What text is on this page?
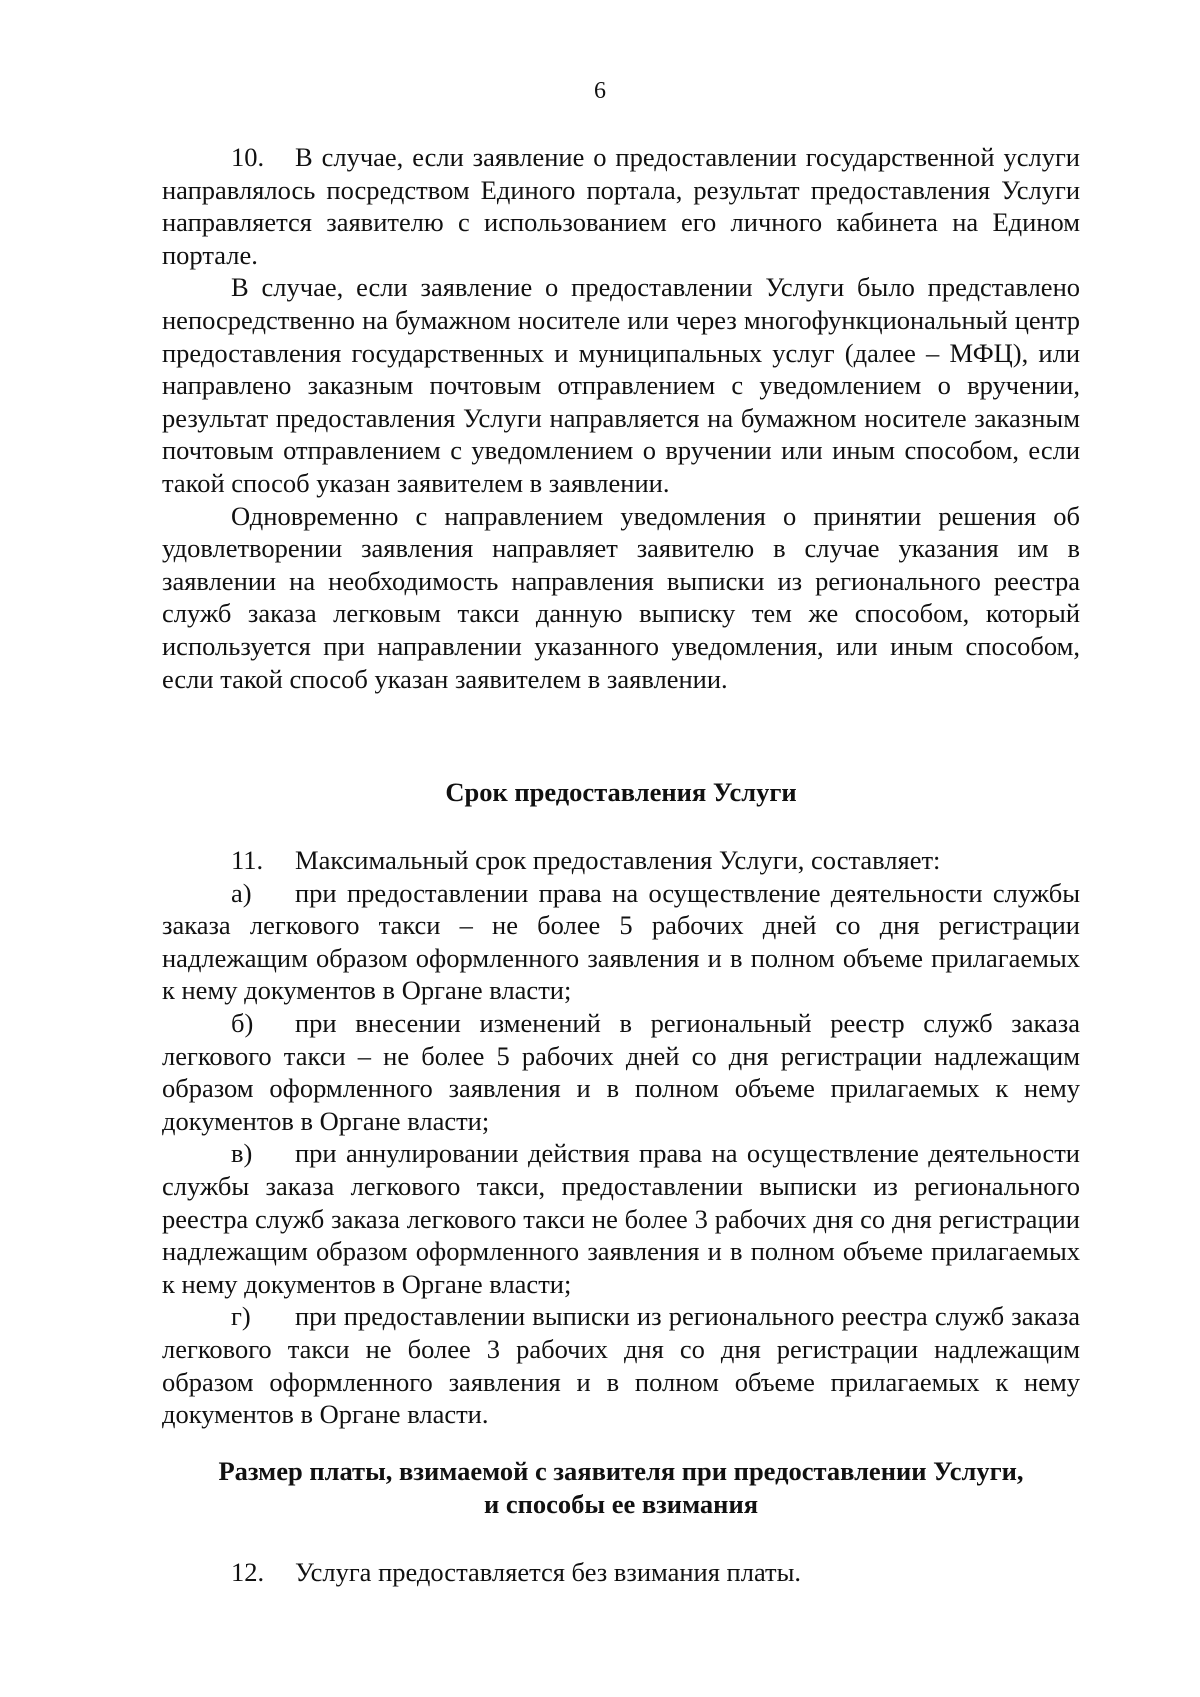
6

10. В случае, если заявление о предоставлении государственной услуги направлялось посредством Единого портала, результат предоставления Услуги направляется заявителю с использованием его личного кабинета на Едином портале.

В случае, если заявление о предоставлении Услуги было представлено непосредственно на бумажном носителе или через многофункциональный центр предоставления государственных и муниципальных услуг (далее – МФЦ), или направлено заказным почтовым отправлением с уведомлением о вручении, результат предоставления Услуги направляется на бумажном носителе заказным почтовым отправлением с уведомлением о вручении или иным способом, если такой способ указан заявителем в заявлении.

Одновременно с направлением уведомления о принятии решения об удовлетворении заявления направляет заявителю в случае указания им в заявлении на необходимость направления выписки из регионального реестра служб заказа легковым такси данную выписку тем же способом, который используется при направлении указанного уведомления, или иным способом, если такой способ указан заявителем в заявлении.

Срок предоставления Услуги

11. Максимальный срок предоставления Услуги, составляет:

а) при предоставлении права на осуществление деятельности службы заказа легкового такси – не более 5 рабочих дней со дня регистрации надлежащим образом оформленного заявления и в полном объеме прилагаемых к нему документов в Органе власти;

б) при внесении изменений в региональный реестр служб заказа легкового такси – не более 5 рабочих дней со дня регистрации надлежащим образом оформленного заявления и в полном объеме прилагаемых к нему документов в Органе власти;

в) при аннулировании действия права на осуществление деятельности службы заказа легкового такси, предоставлении выписки из регионального реестра служб заказа легкового такси не более 3 рабочих дня со дня регистрации надлежащим образом оформленного заявления и в полном объеме прилагаемых к нему документов в Органе власти;

г) при предоставлении выписки из регионального реестра служб заказа легкового такси не более 3 рабочих дня со дня регистрации надлежащим образом оформленного заявления и в полном объеме прилагаемых к нему документов в Органе власти.

Размер платы, взимаемой с заявителя при предоставлении Услуги,
и способы ее взимания

12. Услуга предоставляется без взимания платы.
